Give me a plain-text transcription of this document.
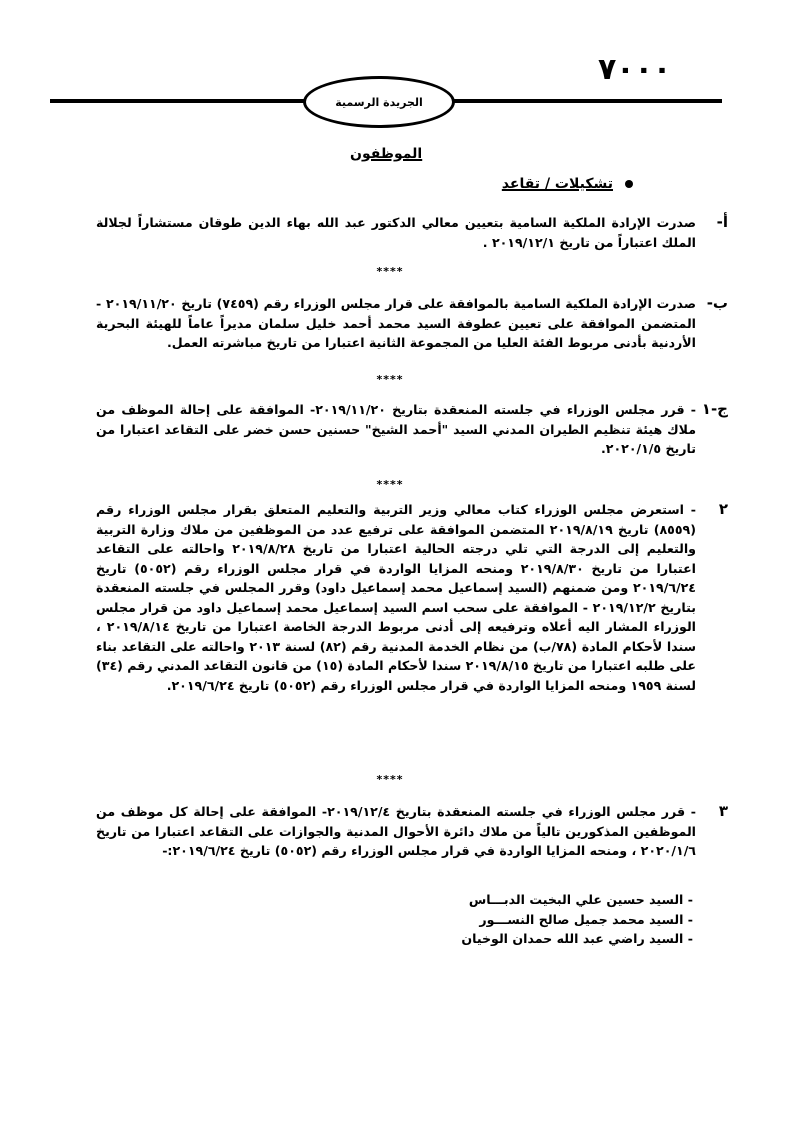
٧٠٠٠
الجريدة الرسمية
الموظفون
تشكيلات / تقاعد
أ-

صدرت الإرادة الملكية السامية بتعيين معالي الدكتور عبد الله بهاء الدين طوقان مستشاراً لجلالة الملك اعتباراً من تاريخ ٢٠١٩/١٢/١ .

****
ب-

صدرت الإرادة الملكية السامية بالموافقة على قرار مجلس الوزراء رقم (٧٤٥٩) تاريخ ٢٠١٩/١١/٢٠ - المتضمن الموافقة على تعيين عطوفة السيد محمد أحمد خليل سلمان مديراً عاماً للهيئة البحرية الأردنية بأدنى مربوط الفئة العليا من المجموعة الثانية اعتبارا من تاريخ مباشرته العمل.

****
ج-١

- قرر مجلس الوزراء في جلسته المنعقدة بتاريخ ٢٠١٩/١١/٢٠- الموافقة على إحالة الموظف من ملاك هيئة تنظيم الطيران المدني السيد "أحمد الشيخ" حسنين حسن خضر على التقاعد اعتبارا من تاريخ ٢٠٢٠/١/٥.

****
٢

- استعرض مجلس الوزراء كتاب معالي وزير التربية والتعليم المتعلق بقرار مجلس الوزراء رقم (٨٥٥٩) تاريخ ٢٠١٩/٨/١٩ المتضمن الموافقة على ترفيع عدد من الموظفين من ملاك وزارة التربية والتعليم إلى الدرجة التي تلي درجته الحالية اعتبارا من تاريخ ٢٠١٩/٨/٢٨ واحالته على التقاعد اعتبارا من تاريخ ٢٠١٩/٨/٣٠ ومنحه المزايا الواردة في قرار مجلس الوزراء رقم (٥٠٥٢) تاريخ ٢٠١٩/٦/٢٤ ومن ضمنهم (السيد إسماعيل محمد إسماعيل داود) وقرر المجلس في جلسته المنعقدة بتاريخ ٢٠١٩/١٢/٢ - الموافقة على سحب اسم السيد إسماعيل محمد إسماعيل داود من قرار مجلس الوزراء المشار اليه أعلاه وترفيعه إلى أدنى مربوط الدرجة الخاصة اعتبارا من تاريخ ٢٠١٩/٨/١٤ ، سندا لأحكام المادة (٧٨/ب) من نظام الخدمة المدنية رقم (٨٢) لسنة ٢٠١٣ واحالته على التقاعد بناء على طلبه اعتبارا من تاريخ ٢٠١٩/٨/١٥ سندا لأحكام المادة (١٥) من قانون التقاعد المدني رقم (٣٤) لسنة ١٩٥٩ ومنحه المزايا الواردة في قرار مجلس الوزراء رقم (٥٠٥٢) تاريخ ٢٠١٩/٦/٢٤.

****
٣

- قرر مجلس الوزراء في جلسته المنعقدة بتاريخ ٢٠١٩/١٢/٤- الموافقة على إحالة كل موظف من الموظفين المذكورين تالياً من ملاك دائرة الأحوال المدنية والجوازات على التقاعد اعتبارا من تاريخ ٢٠٢٠/١/٦ ، ومنحه المزايا الواردة في قرار مجلس الوزراء رقم (٥٠٥٢) تاريخ ٢٠١٩/٦/٢٤:-

- السيد حسين علي البخيت الدبـــاس
- السيد محمد جميل صالح النســـور
- السيد راضي عبد الله حمدان الوخيان
